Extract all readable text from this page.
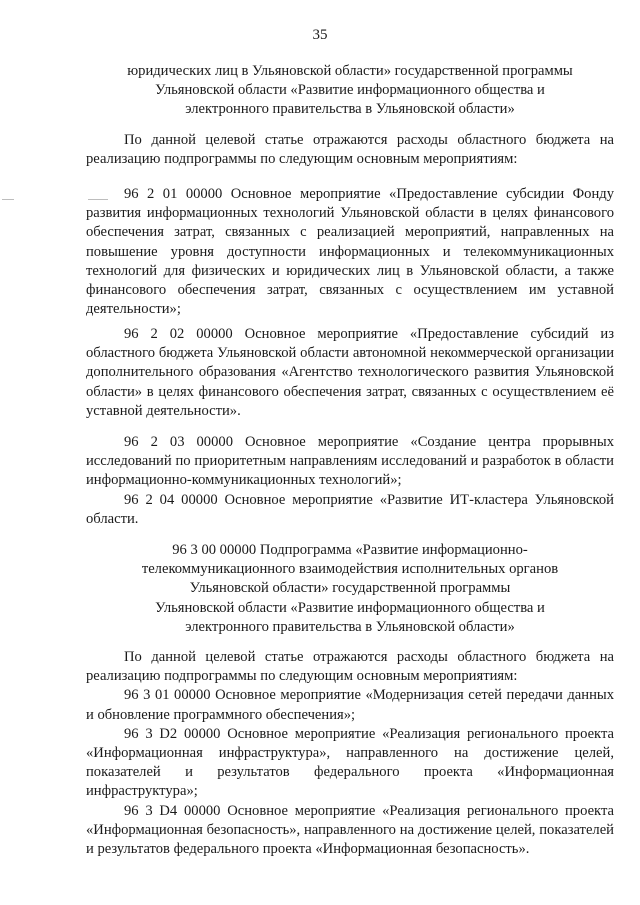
35

юридических лиц в Ульяновской области» государственной программы

Ульяновской области «Развитие информационного общества и

электронного правительства в Ульяновской области»

По данной целевой статье отражаются расходы областного бюджета на реализацию подпрограммы по следующим основным мероприятиям:

96 2 01 00000 Основное мероприятие «Предоставление субсидии Фонду развития информационных технологий Ульяновской области в целях финансового обеспечения затрат, связанных с реализацией мероприятий, направленных на повышение уровня доступности информационных и телекоммуникационных технологий для физических и юридических лиц в Ульяновской области, а также финансового обеспечения затрат, связанных с осуществлением им уставной деятельности»;

96 2 02 00000 Основное мероприятие «Предоставление субсидий из областного бюджета Ульяновской области автономной некоммерческой организации дополнительного образования «Агентство технологического развития Ульяновской области» в целях финансового обеспечения затрат, связанных с осуществлением её уставной деятельности».

96 2 03 00000 Основное мероприятие «Создание центра прорывных исследований по приоритетным направлениям исследований и разработок в области информационно-коммуникационных технологий»;

96 2 04 00000 Основное мероприятие «Развитие ИТ-кластера Ульяновской области.

96 3 00 00000 Подпрограмма «Развитие информационно-

телекоммуникационного взаимодействия исполнительных органов

Ульяновской области» государственной программы

Ульяновской области «Развитие информационного общества и

электронного правительства в Ульяновской области»

По данной целевой статье отражаются расходы областного бюджета на реализацию подпрограммы по следующим основным мероприятиям:

96 3 01 00000 Основное мероприятие «Модернизация сетей передачи данных и обновление программного обеспечения»;

96 3 D2 00000 Основное мероприятие «Реализация регионального проекта «Информационная инфраструктура», направленного на достижение целей, показателей и результатов федерального проекта «Информационная инфраструктура»;

96 3 D4 00000 Основное мероприятие «Реализация регионального проекта «Информационная безопасность», направленного на достижение целей, показателей и результатов федерального проекта «Информационная безопасность».
